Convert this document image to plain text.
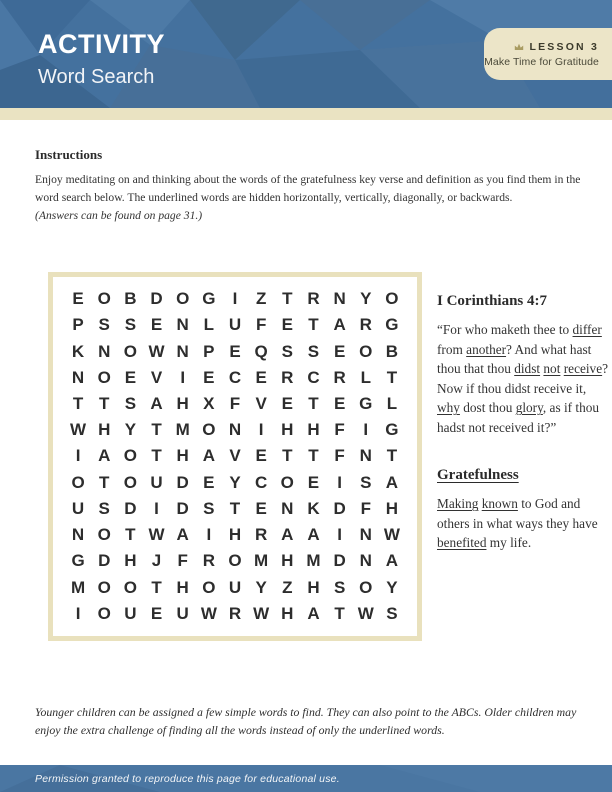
ACTIVITY
Word Search
LESSON 3
Make Time for Gratitude
Instructions

Enjoy meditating on and thinking about the words of the gratefulness key verse and definition as you find them in the word search below. The underlined words are hidden horizontally, vertically, diagonally, or backwards.
(Answers can be found on page 31.)

E O B D O G	I	Z T R N Y O
P S S E N L U F E T A R G
K N O W N P E Q S S E O B
N O E V	I	E C E R C R L T
T T S A H X F V E T E G L
W H Y T M O N	I	H H F	I	G
I	A O T H A V E T T F N T
O T O U D E Y C O E	I	S A
U S D	I	D S T E N K D F H
N O T W A	I	H R A A	I	N W
G D H J F R O M H M D N A
M O O T H O U Y Z H S O Y
I	O U E U W R W H A T W S
I Corinthians 4:7

“For who maketh thee to differ from another? And what hast thou that thou didst not receive? Now if thou didst receive it, why dost thou glory, as if thou hadst not received it?”

Gratefulness

Making known to God and others in what ways they have benefited my life.

Younger children can be assigned a few simple words to find. They can also point to the ABCs. Older children may enjoy the extra challenge of finding all the words instead of only the underlined words.

Permission granted to reproduce this page for educational use.
